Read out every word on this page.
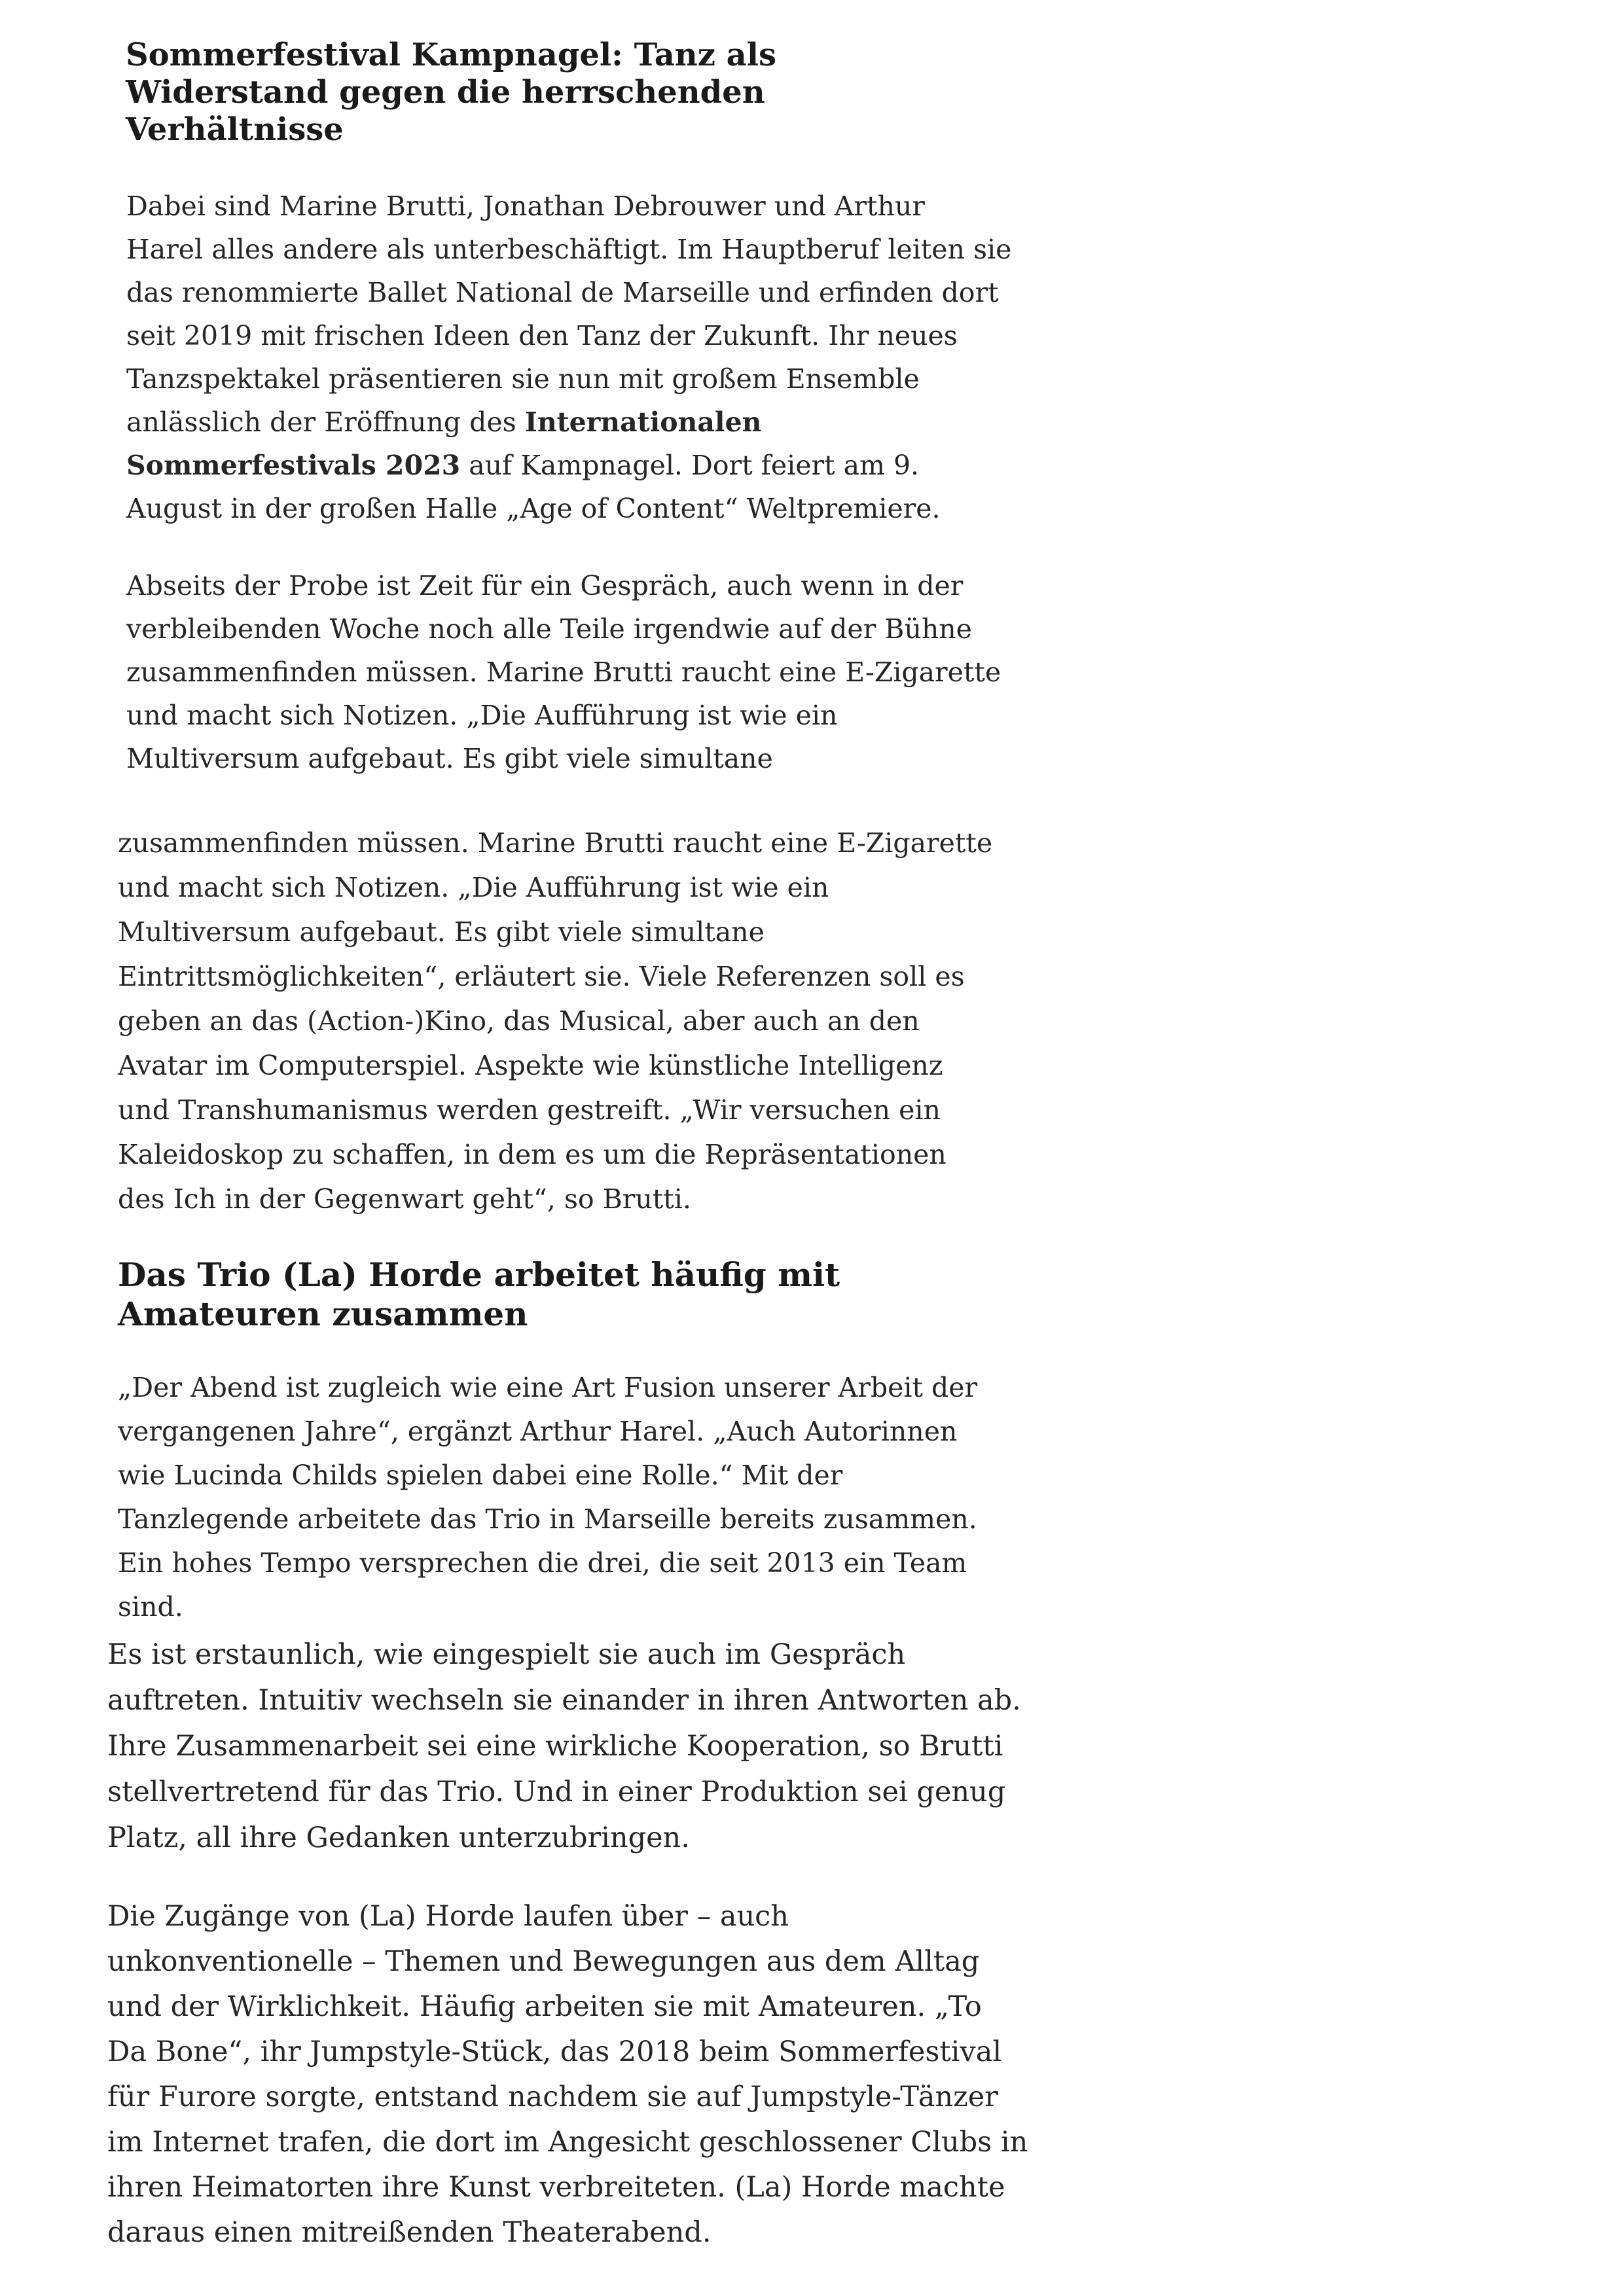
Sommerfestival Kampnagel: Tanz als
Widerstand gegen die herrschenden
Verhältnisse

Dabei sind Marine Brutti, Jonathan Debrouwer und Arthur
Harel alles andere als unterbeschäftigt. Im Hauptberuf leiten sie
das renommierte Ballet National de Marseille und erfinden dort
seit 2019 mit frischen Ideen den Tanz der Zukunft. Ihr neues
Tanzspektakel präsentieren sie nun mit großem Ensemble
anlässlich der Eröffnung des Internationalen
Sommerfestivals 2023 auf Kampnagel. Dort feiert am 9.
August in der großen Halle „Age of Content“ Weltpremiere.

Abseits der Probe ist Zeit für ein Gespräch, auch wenn in der
verbleibenden Woche noch alle Teile irgendwie auf der Bühne
zusammenfinden müssen. Marine Brutti raucht eine E-Zigarette
und macht sich Notizen. „Die Aufführung ist wie ein
Multiversum aufgebaut. Es gibt viele simultane

zusammenfinden müssen. Marine Brutti raucht eine E-Zigarette
und macht sich Notizen. „Die Aufführung ist wie ein
Multiversum aufgebaut. Es gibt viele simultane
Eintrittsmöglichkeiten“, erläutert sie. Viele Referenzen soll es
geben an das (Action-)Kino, das Musical, aber auch an den
Avatar im Computerspiel. Aspekte wie künstliche Intelligenz
und Transhumanismus werden gestreift. „Wir versuchen ein
Kaleidoskop zu schaffen, in dem es um die Repräsentationen
des Ich in der Gegenwart geht“, so Brutti.

Das Trio (La) Horde arbeitet häufig mit
Amateuren zusammen

„Der Abend ist zugleich wie eine Art Fusion unserer Arbeit der
vergangenen Jahre“, ergänzt Arthur Harel. „Auch Autorinnen
wie Lucinda Childs spielen dabei eine Rolle.“ Mit der
Tanzlegende arbeitete das Trio in Marseille bereits zusammen.
Ein hohes Tempo versprechen die drei, die seit 2013 ein Team
sind.

Es ist erstaunlich, wie eingespielt sie auch im Gespräch
auftreten. Intuitiv wechseln sie einander in ihren Antworten ab.
Ihre Zusammenarbeit sei eine wirkliche Kooperation, so Brutti
stellvertretend für das Trio. Und in einer Produktion sei genug
Platz, all ihre Gedanken unterzubringen.

Die Zugänge von (La) Horde laufen über – auch
unkonventionelle – Themen und Bewegungen aus dem Alltag
und der Wirklichkeit. Häufig arbeiten sie mit Amateuren. „To
Da Bone“, ihr Jumpstyle-Stück, das 2018 beim Sommerfestival
für Furore sorgte, entstand nachdem sie auf Jumpstyle-Tänzer
im Internet trafen, die dort im Angesicht geschlossener Clubs in
ihren Heimatorten ihre Kunst verbreiteten. (La) Horde machte
daraus einen mitreißenden Theaterabend.
